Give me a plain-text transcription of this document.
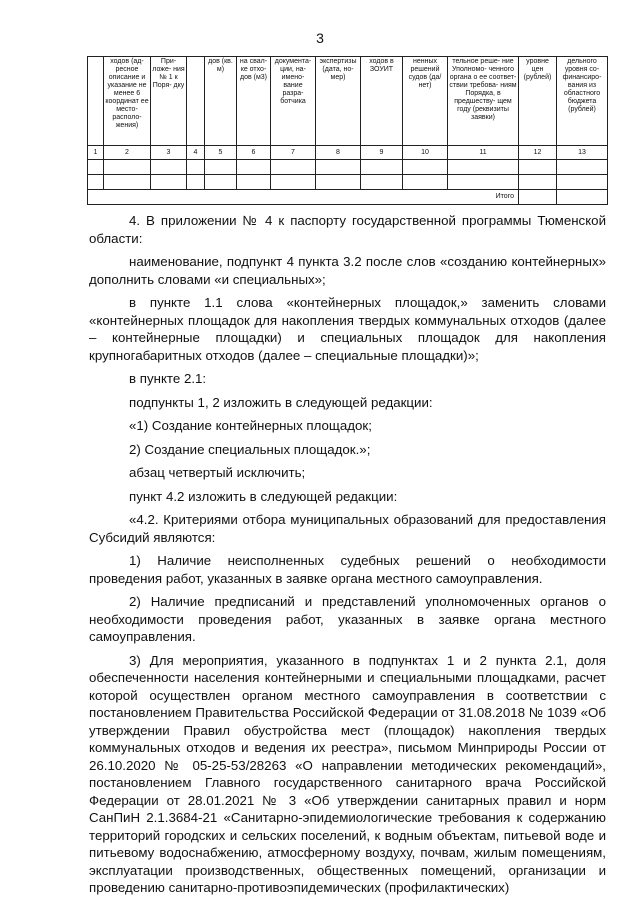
3
	ходов (ад- ресное описание и указание не менее 6 координат ее место- располо- жения)	При- ложе- ния № 1 к Поря- дку		дов (кв. м)	на свал- ке отхо- дов (м3)	документа- ции, на- имено- вание разра- ботчика	экспертизы (дата, но- мер)	ходов в ЗОУИТ	ненных решений судов (да/ нет)	тельное реше- ние Уполномо- ченного органа о ее соответ- ствии требова- ниям Порядка, в предшеству- щем году (реквизиты заявки)	уровне цен (рублей)	дельного уровня со- финансиро- вания из областного бюджета (рублей)
1	2	3	4	5	6	7	8	9	10	11	12	13

Итого												

4. В приложении № 4 к паспорту государственной программы Тюменской области:

наименование, подпункт 4 пункта 3.2 после слов «созданию контейнерных» дополнить словами «и специальных»;

в пункте 1.1 слова «контейнерных площадок,» заменить словами «контейнерных площадок для накопления твердых коммунальных отходов (далее – контейнерные площадки) и специальных площадок для накопления крупногабаритных отходов (далее – специальные площадки)»;

в пункте 2.1:

подпункты 1, 2 изложить в следующей редакции:

«1) Создание контейнерных площадок;

2) Создание специальных площадок.»;

абзац четвертый исключить;

пункт 4.2 изложить в следующей редакции:

«4.2. Критериями отбора муниципальных образований для предоставления Субсидий являются:

1) Наличие неисполненных судебных решений о необходимости проведения работ, указанных в заявке органа местного самоуправления.

2) Наличие предписаний и представлений уполномоченных органов о необходимости проведения работ, указанных в заявке органа местного самоуправления.

3) Для мероприятия, указанного в подпунктах 1 и 2 пункта 2.1, доля обеспеченности населения контейнерными и специальными площадками, расчет которой осуществлен органом местного самоуправления в соответствии с постановлением Правительства Российской Федерации от 31.08.2018 № 1039 «Об утверждении Правил обустройства мест (площадок) накопления твердых коммунальных отходов и ведения их реестра», письмом Минприроды России от 26.10.2020 № 05-25-53/28263 «О направлении методических рекомендаций», постановлением Главного государственного санитарного врача Российской Федерации от 28.01.2021 № 3 «Об утверждении санитарных правил и норм СанПиН 2.1.3684-21 «Санитарно-эпидемиологические требования к содержанию территорий городских и сельских поселений, к водным объектам, питьевой воде и питьевому водоснабжению, атмосферному воздуху, почвам, жилым помещениям, эксплуатации производственных, общественных помещений, организации и проведению санитарно-противоэпидемических (профилактических)
